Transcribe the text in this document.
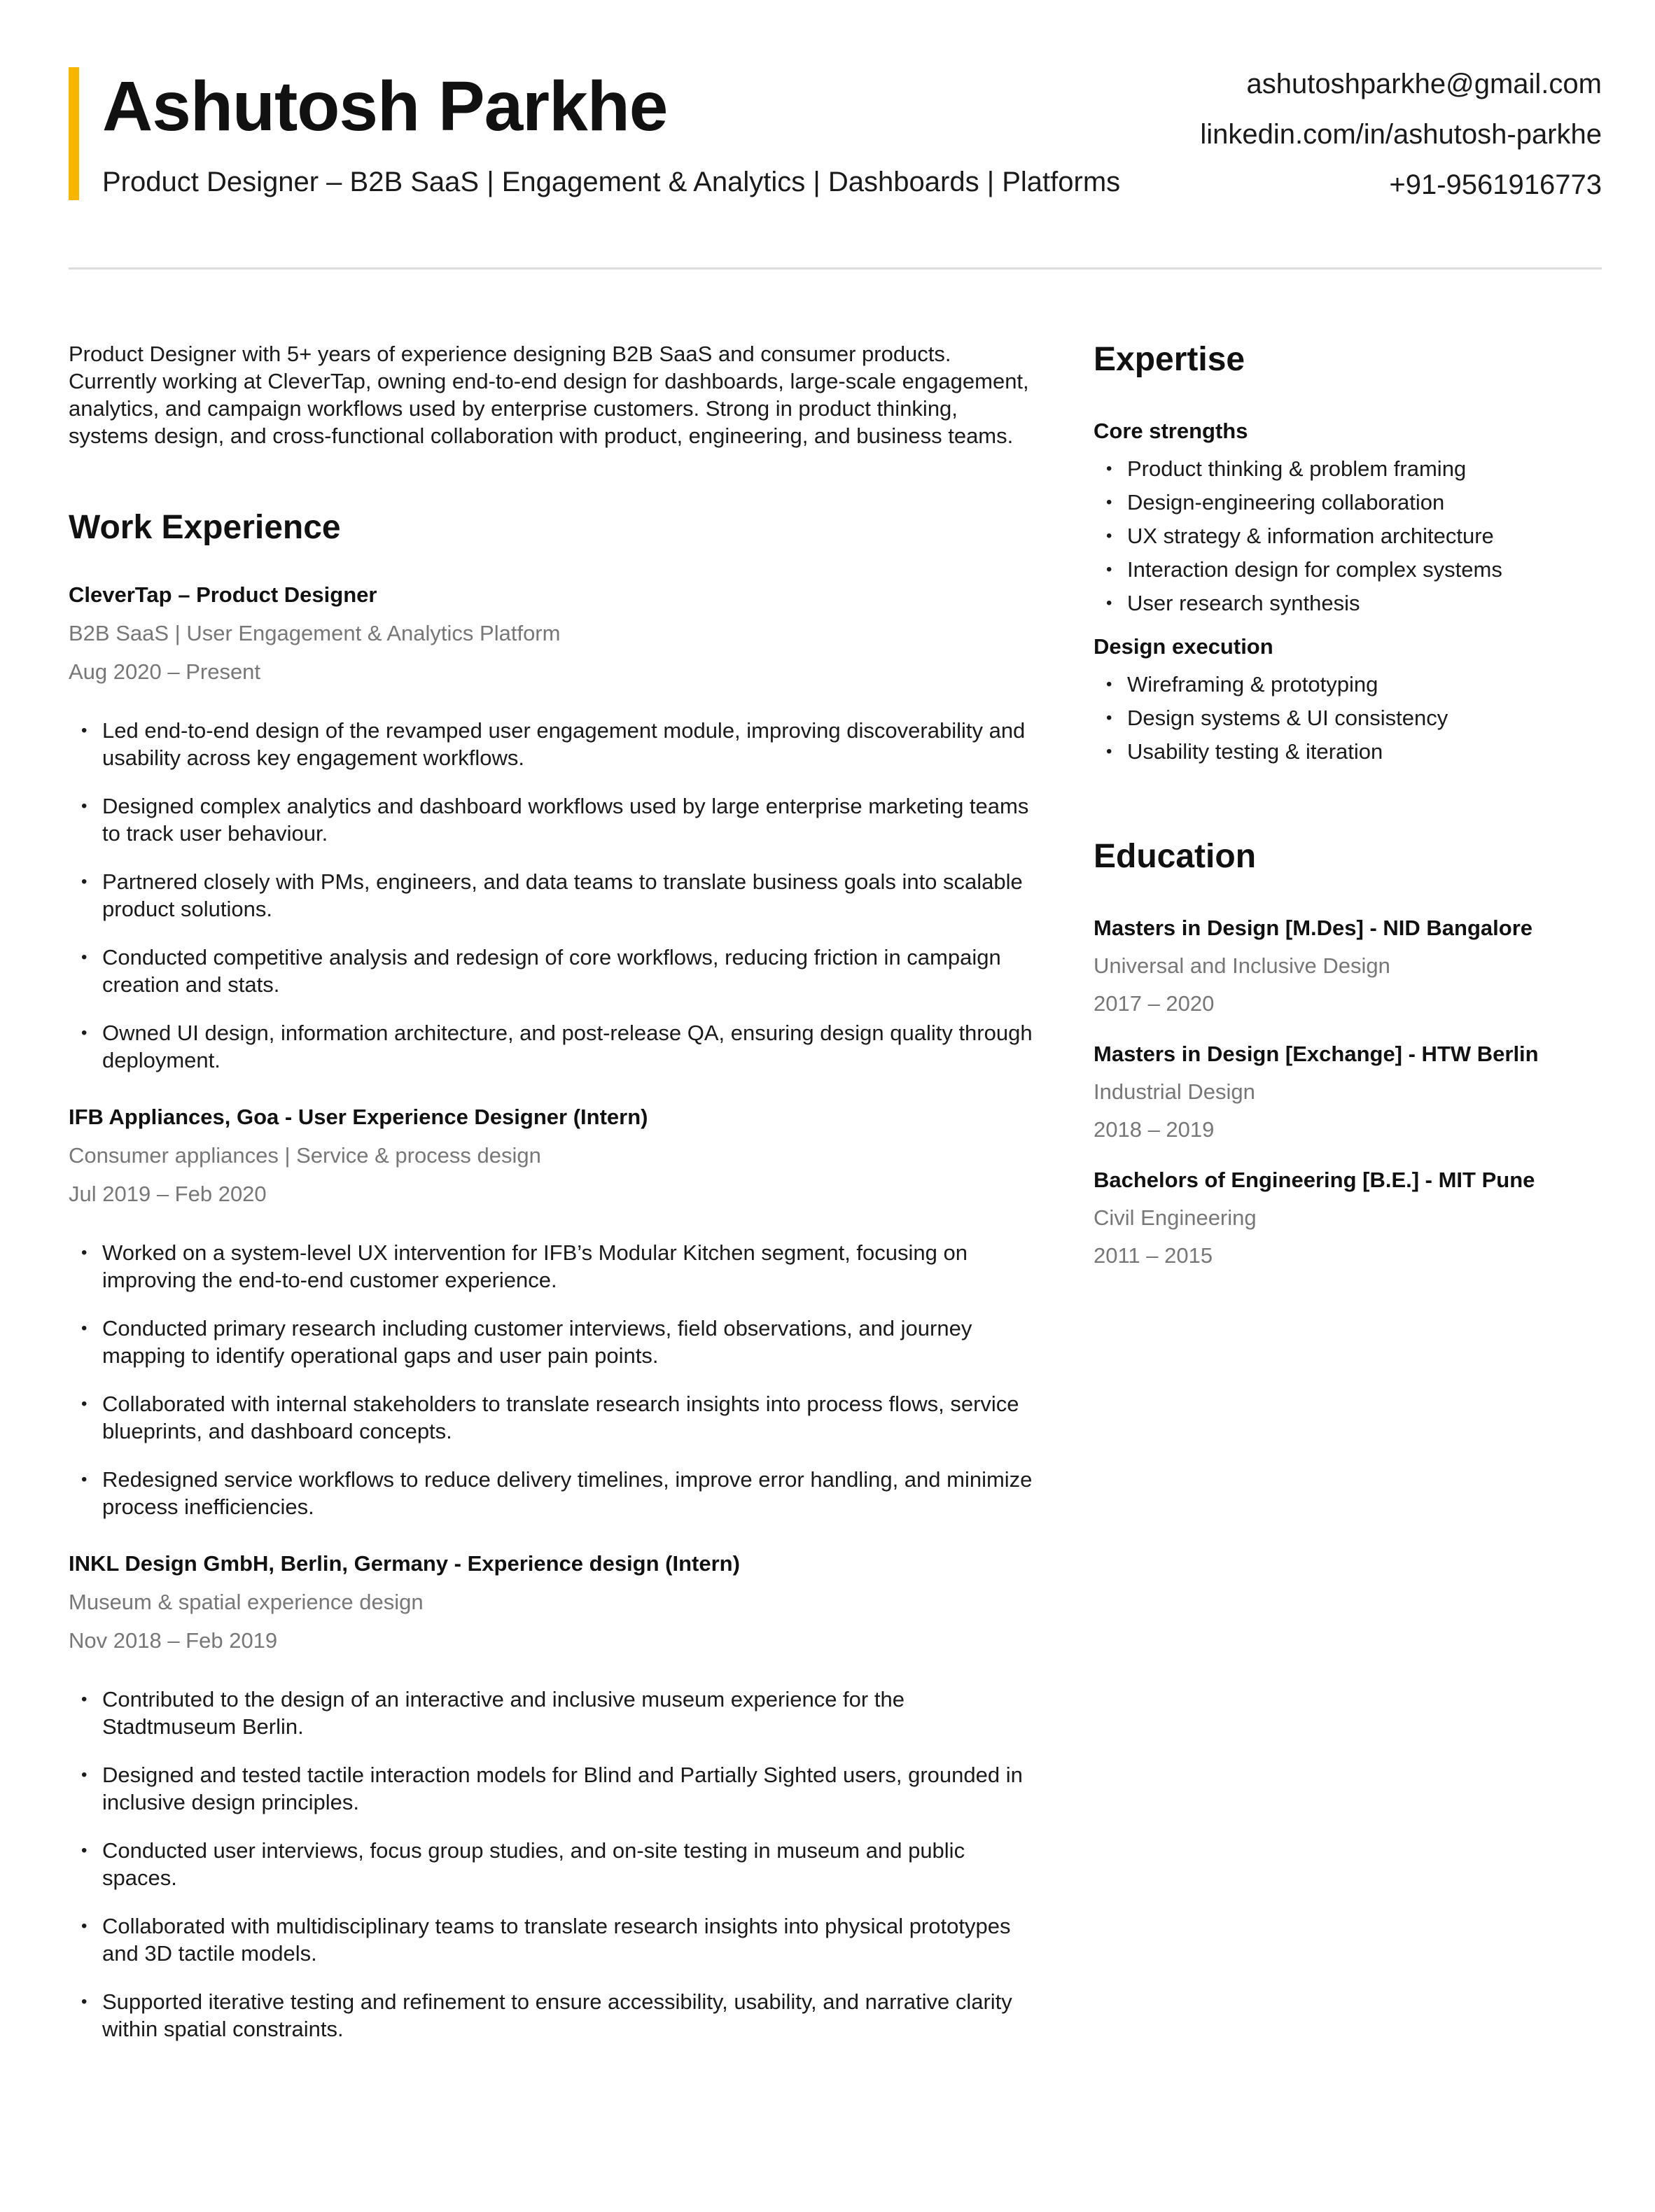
Ashutosh Parkhe
Product Designer – B2B SaaS | Engagement & Analytics | Dashboards | Platforms
ashutoshparkhe@gmail.com
linkedin.com/in/ashutosh-parkhe
+91-9561916773

Product Designer with 5+ years of experience designing B2B SaaS and consumer products. Currently working at CleverTap, owning end-to-end design for dashboards, large-scale engagement, analytics, and campaign workflows used by enterprise customers. Strong in product thinking, systems design, and cross-functional collaboration with product, engineering, and business teams.

Work Experience
CleverTap – Product Designer
B2B SaaS | User Engagement & Analytics Platform
Aug 2020 – Present
• Led end-to-end design of the revamped user engagement module, improving discoverability and usability across key engagement workflows.
• Designed complex analytics and dashboard workflows used by large enterprise marketing teams to track user behaviour.
• Partnered closely with PMs, engineers, and data teams to translate business goals into scalable product solutions.
• Conducted competitive analysis and redesign of core workflows, reducing friction in campaign creation and stats.
• Owned UI design, information architecture, and post-release QA, ensuring design quality through deployment.
IFB Appliances, Goa - User Experience Designer (Intern)
Consumer appliances | Service & process design
Jul 2019 – Feb 2020
• Worked on a system-level UX intervention for IFB’s Modular Kitchen segment, focusing on improving the end-to-end customer experience.
• Conducted primary research including customer interviews, field observations, and journey mapping to identify operational gaps and user pain points.
• Collaborated with internal stakeholders to translate research insights into process flows, service blueprints, and dashboard concepts.
• Redesigned service workflows to reduce delivery timelines, improve error handling, and minimize process inefficiencies.
INKL Design GmbH, Berlin, Germany - Experience design (Intern)
Museum & spatial experience design
Nov 2018 – Feb 2019
• Contributed to the design of an interactive and inclusive museum experience for the Stadtmuseum Berlin.
• Designed and tested tactile interaction models for Blind and Partially Sighted users, grounded in inclusive design principles.
• Conducted user interviews, focus group studies, and on-site testing in museum and public spaces.
• Collaborated with multidisciplinary teams to translate research insights into physical prototypes and 3D tactile models.
• Supported iterative testing and refinement to ensure accessibility, usability, and narrative clarity within spatial constraints.
Expertise
Core strengths
• Product thinking & problem framing
• Design-engineering collaboration
• UX strategy & information architecture
• Interaction design for complex systems
• User research synthesis
Design execution
• Wireframing & prototyping
• Design systems & UI consistency
• Usability testing & iteration
Education
Masters in Design [M.Des] - NID Bangalore
Universal and Inclusive Design
2017 – 2020
Masters in Design [Exchange] - HTW Berlin
Industrial Design
2018 – 2019
Bachelors of Engineering [B.E.] - MIT Pune
Civil Engineering
2011 – 2015
